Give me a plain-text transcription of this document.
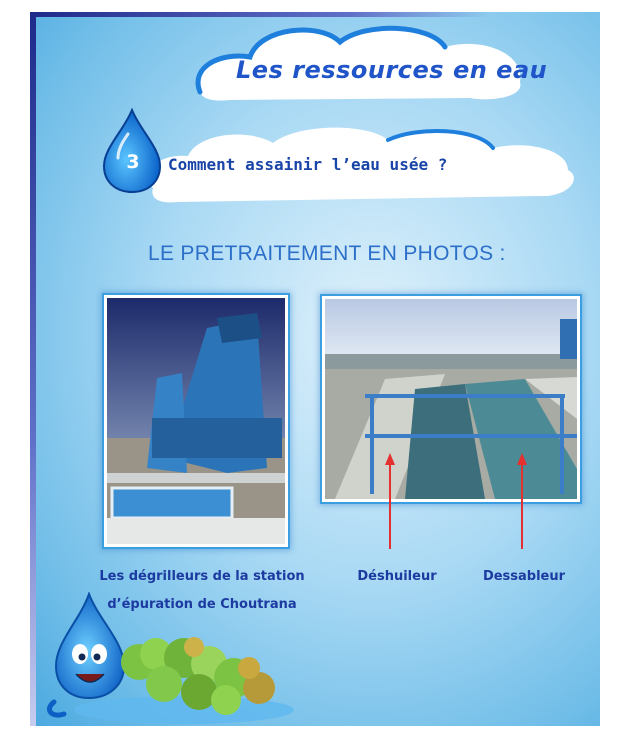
Les ressources en eau
3 Comment assainir l’eau usée ?
LE PRETRAITEMENT EN PHOTOS :
Les dégrilleurs de la station
d’épuration de Choutrana
Déshuileur	Dessableur
